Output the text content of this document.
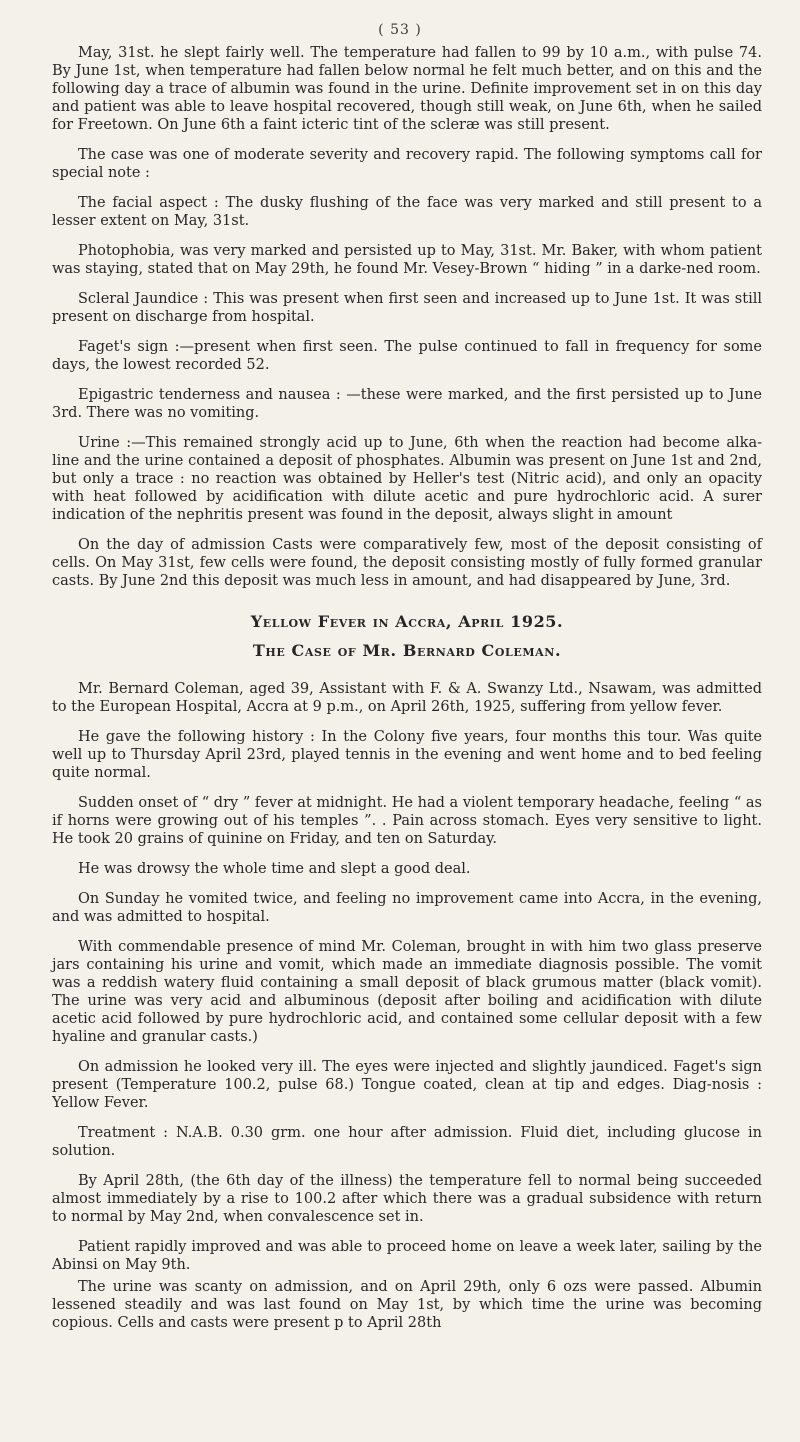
( 53 )

May, 31st. he slept fairly well. The temperature had fallen to 99 by 10 a.m., with pulse 74. By June 1st, when temperature had fallen below normal he felt much better, and on this and the following day a trace of albumin was found in the urine. Definite improvement set in on this day and patient was able to leave hospital recovered, though still weak, on June 6th, when he sailed for Freetown. On June 6th a faint icteric tint of the scleræ was still present.

The case was one of moderate severity and recovery rapid. The following symptoms call for special note :

The facial aspect : The dusky flushing of the face was very marked and still present to a lesser extent on May, 31st.

Photophobia, was very marked and persisted up to May, 31st. Mr. Baker, with whom patient was staying, stated that on May 29th, he found Mr. Vesey-Brown “ hiding ” in a darke-ned room.

Scleral Jaundice : This was present when first seen and increased up to June 1st. It was still present on discharge from hospital.

Faget's sign :—present when first seen. The pulse continued to fall in frequency for some days, the lowest recorded 52.

Epigastric tenderness and nausea : —these were marked, and the first persisted up to June 3rd. There was no vomiting.

Urine :—This remained strongly acid up to June, 6th when the reaction had become alka-line and the urine contained a deposit of phosphates. Albumin was present on June 1st and 2nd, but only a trace : no reaction was obtained by Heller's test (Nitric acid), and only an opacity with heat followed by acidification with dilute acetic and pure hydrochloric acid. A surer indication of the nephritis present was found in the deposit, always slight in amount

On the day of admission Casts were comparatively few, most of the deposit consisting of cells. On May 31st, few cells were found, the deposit consisting mostly of fully formed granular casts. By June 2nd this deposit was much less in amount, and had disappeared by June, 3rd.

Yellow Fever in Accra, April 1925.
The Case of Mr. Bernard Coleman.

Mr. Bernard Coleman, aged 39, Assistant with F. & A. Swanzy Ltd., Nsawam, was admitted to the European Hospital, Accra at 9 p.m., on April 26th, 1925, suffering from yellow fever.

He gave the following history : In the Colony five years, four months this tour. Was quite well up to Thursday April 23rd, played tennis in the evening and went home and to bed feeling quite normal.

Sudden onset of “ dry ” fever at midnight. He had a violent temporary headache, feeling “ as if horns were growing out of his temples ”. . Pain across stomach. Eyes very sensitive to light. He took 20 grains of quinine on Friday, and ten on Saturday.

He was drowsy the whole time and slept a good deal.

On Sunday he vomited twice, and feeling no improvement came into Accra, in the evening, and was admitted to hospital.

With commendable presence of mind Mr. Coleman, brought in with him two glass preserve jars containing his urine and vomit, which made an immediate diagnosis possible. The vomit was a reddish watery fluid containing a small deposit of black grumous matter (black vomit). The urine was very acid and albuminous (deposit after boiling and acidification with dilute acetic acid followed by pure hydrochloric acid, and contained some cellular deposit with a few hyaline and granular casts.)

On admission he looked very ill. The eyes were injected and slightly jaundiced. Faget's sign present (Temperature 100.2, pulse 68.) Tongue coated, clean at tip and edges. Diag-nosis : Yellow Fever.

Treatment : N.A.B. 0.30 grm. one hour after admission. Fluid diet, including glucose in solution.

By April 28th, (the 6th day of the illness) the temperature fell to normal being succeeded almost immediately by a rise to 100.2 after which there was a gradual subsidence with return to normal by May 2nd, when convalescence set in.

Patient rapidly improved and was able to proceed home on leave a week later, sailing by the Abinsi on May 9th.

The urine was scanty on admission, and on April 29th, only 6 ozs were passed. Albumin lessened steadily and was last found on May 1st, by which time the urine was becoming copious. Cells and casts were present p to April 28th
